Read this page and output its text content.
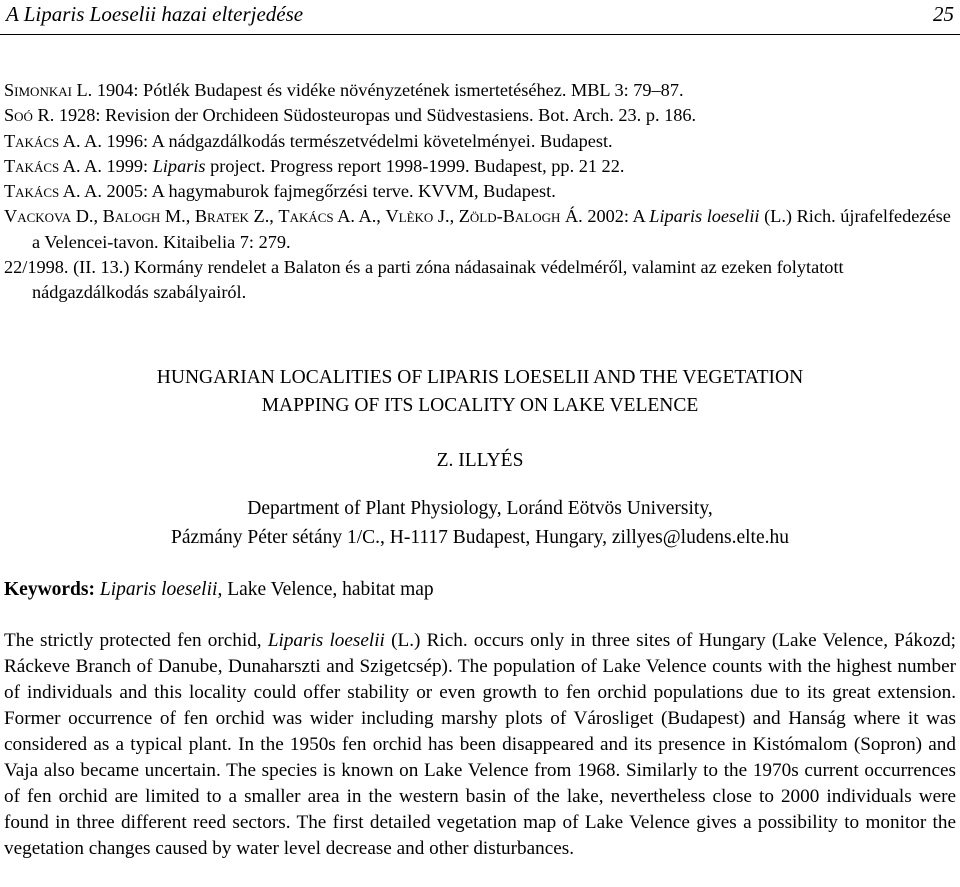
A Liparis Loeselii hazai elterjedése	25
Simonkai L. 1904: Pótlék Budapest és vidéke növényzetének ismertetéséhez. MBL 3: 79–87.
Soó R. 1928: Revision der Orchideen Südosteuropas und Südvestasiens. Bot. Arch. 23. p. 186.
Takács A. A. 1996: A nádgazdálkodás természetvédelmi követelményei. Budapest.
Takács A. A. 1999: Liparis project. Progress report 1998-1999. Budapest, pp. 21 22.
Takács A. A. 2005: A hagymaburok fajmegőrzési terve. KVVM, Budapest.
Vackova D., Balogh M., Bratek Z., Takács A. A., Vlèko J., Zöld-Balogh Á. 2002: A Liparis loeselii (L.) Rich. újrafelfedezése a Velencei-tavon. Kitaibelia 7: 279.
22/1998. (II. 13.) Kormány rendelet a Balaton és a parti zóna nádasainak védelméről, valamint az ezeken folytatott nádgazdálkodás szabályairól.
HUNGARIAN LOCALITIES OF LIPARIS LOESELII AND THE VEGETATION
MAPPING OF ITS LOCALITY ON LAKE VELENCE
Z. ILLYÉS
Department of Plant Physiology, Loránd Eötvös University,
Pázmány Péter sétány 1/C., H-1117 Budapest, Hungary, zillyes@ludens.elte.hu
Keywords: Liparis loeselii, Lake Velence, habitat map
The strictly protected fen orchid, Liparis loeselii (L.) Rich. occurs only in three sites of Hungary (Lake Velence, Pákozd; Ráckeve Branch of Danube, Dunaharszti and Szigetcsép). The population of Lake Velence counts with the highest number of individuals and this locality could offer stability or even growth to fen orchid populations due to its great extension. Former occurrence of fen orchid was wider including marshy plots of Városliget (Budapest) and Hanság where it was considered as a typical plant. In the 1950s fen orchid has been disappeared and its presence in Kistómalom (Sopron) and Vaja also became uncertain. The species is known on Lake Velence from 1968. Similarly to the 1970s current occurrences of fen orchid are limited to a smaller area in the western basin of the lake, nevertheless close to 2000 individuals were found in three different reed sectors. The first detailed vegetation map of Lake Velence gives a possibility to monitor the vegetation changes caused by water level decrease and other disturbances.
